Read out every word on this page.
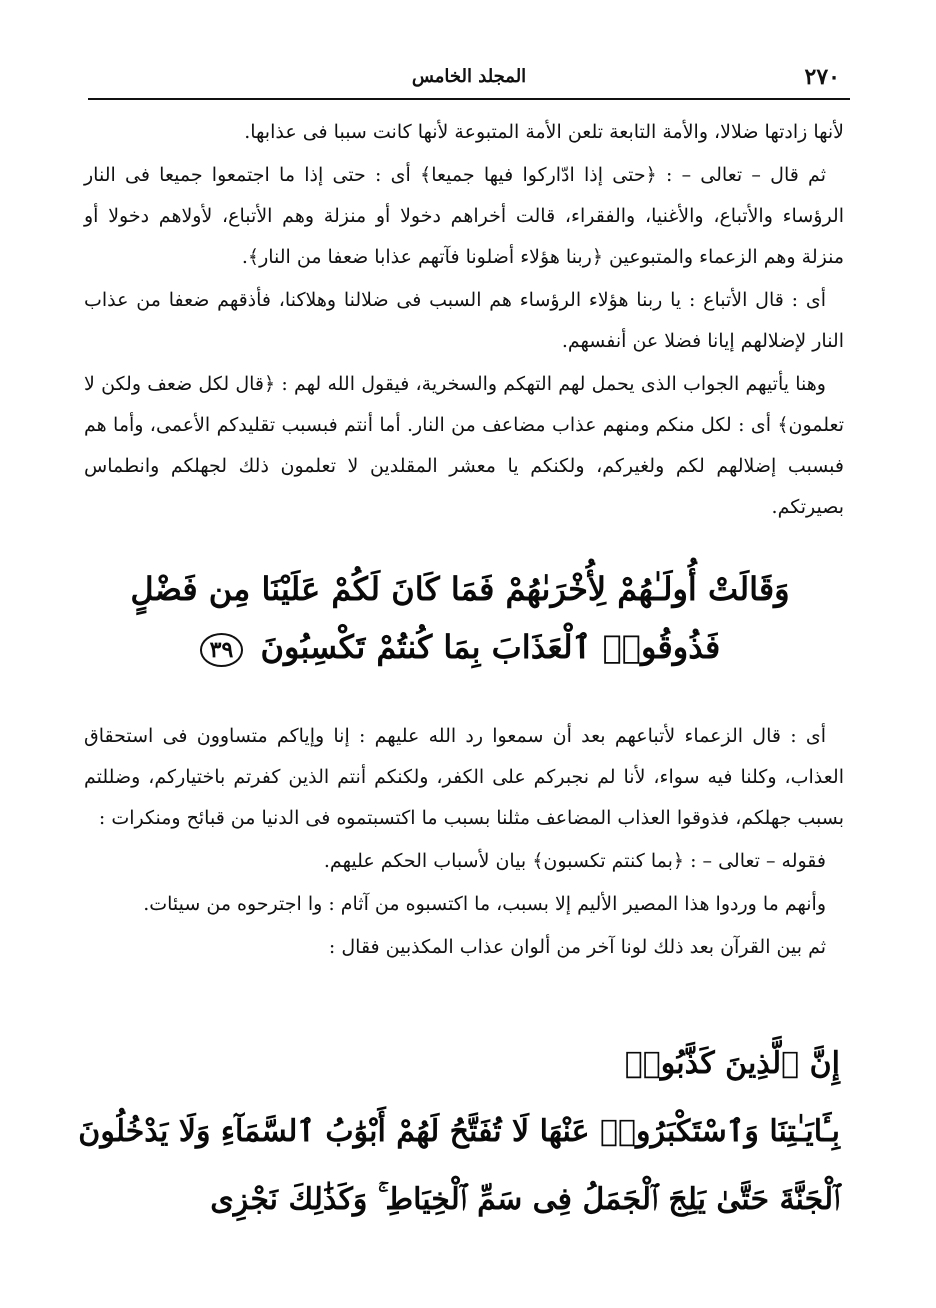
٢٧٠
المجلد الخامس

لأنها زادتها ضلالا، والأمة التابعة تلعن الأمة المتبوعة لأنها كانت سببا فى عذابها.

ثم قال – تعالى – : ﴿حتى إذا ادّاركوا فيها جميعا﴾ أى : حتى إذا ما اجتمعوا جميعا فى النار الرؤساء والأتباع، والأغنيا، والفقراء، قالت أخراهم دخولا أو منزلة وهم الأتباع، لأولاهم دخولا أو منزلة وهم الزعماء والمتبوعين ﴿ربنا هؤلاء أضلونا فآتهم عذابا ضعفا من النار﴾.

أى : قال الأتباع : يا ربنا هؤلاء الرؤساء هم السبب فى ضلالنا وهلاكنا، فأذقهم ضعفا من عذاب النار لإضلالهم إيانا فضلا عن أنفسهم.

وهنا يأتيهم الجواب الذى يحمل لهم التهكم والسخرية، فيقول الله لهم : ﴿قال لكل ضعف ولكن لا تعلمون﴾ أى : لكل منكم ومنهم عذاب مضاعف من النار. أما أنتم فبسبب تقليدكم الأعمى، وأما هم فبسبب إضلالهم لكم ولغيركم، ولكنكم يا معشر المقلدين لا تعلمون ذلك لجهلكم وانطماس بصيرتكم.

وَقَالَتْ أُولَـٰهُمْ لِأُخْرَىٰهُمْ فَمَا كَانَ لَكُمْ عَلَيْنَا مِن فَضْلٍ
فَذُوقُوا۟ ٱلْعَذَابَ بِمَا كُنتُمْ تَكْسِبُونَ ٣٩

أى : قال الزعماء لأتباعهم بعد أن سمعوا رد الله عليهم : إنا وإياكم متساوون فى استحقاق العذاب، وكلنا فيه سواء، لأنا لم نجبركم على الكفر، ولكنكم أنتم الذين كفرتم باختياركم، وضللتم بسبب جهلكم، فذوقوا العذاب المضاعف مثلنا بسبب ما اكتسبتموه فى الدنيا من قبائح ومنكرات :

فقوله – تعالى – : ﴿بما كنتم تكسبون﴾ بيان لأسباب الحكم عليهم.

وأنهم ما وردوا هذا المصير الأليم إلا بسبب، ما اكتسبوه من آثام : وا اجترحوه من سيئات.

ثم بين القرآن بعد ذلك لونا آخر من ألوان عذاب المكذبين فقال :

إِنَّ ٱلَّذِينَ كَذَّبُوا۟
بِـَٔايَـٰتِنَا وَٱسْتَكْبَرُوا۟ عَنْهَا لَا تُفَتَّحُ لَهُمْ أَبْوَٰبُ ٱلسَّمَآءِ وَلَا يَدْخُلُونَ
ٱلْجَنَّةَ حَتَّىٰ يَلِجَ ٱلْجَمَلُ فِى سَمِّ ٱلْخِيَاطِ ۚ وَكَذَٰلِكَ نَجْزِى
